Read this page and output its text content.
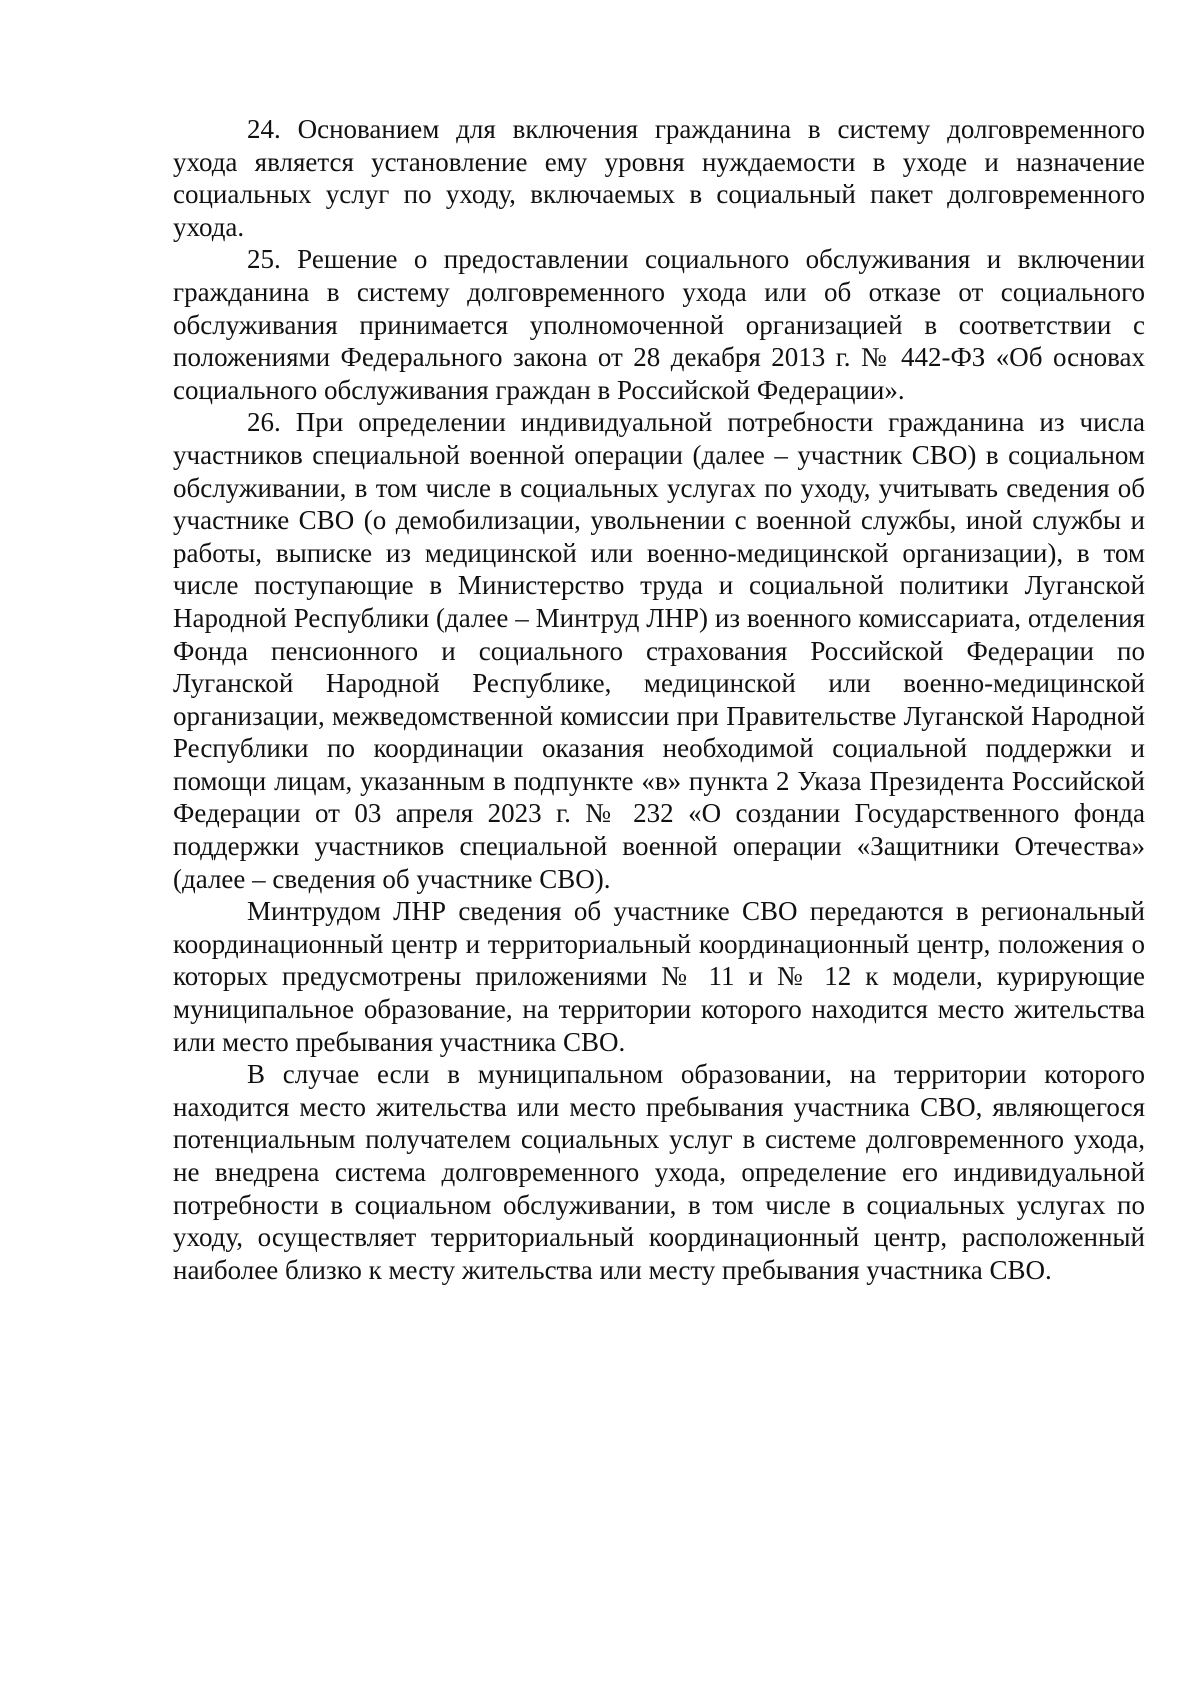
24. Основанием для включения гражданина в систему долговременного ухода является установление ему уровня нуждаемости в уходе и назначение социальных услуг по уходу, включаемых в социальный пакет долговременного ухода.

25. Решение о предоставлении социального обслуживания и включении гражданина в систему долговременного ухода или об отказе от социального обслуживания принимается уполномоченной организацией в соответствии с положениями Федерального закона от 28 декабря 2013 г. № 442-ФЗ «Об основах социального обслуживания граждан в Российской Федерации».

26. При определении индивидуальной потребности гражданина из числа участников специальной военной операции (далее – участник СВО) в социальном обслуживании, в том числе в социальных услугах по уходу, учитывать сведения об участнике СВО (о демобилизации, увольнении с военной службы, иной службы и работы, выписке из медицинской или военно-медицинской организации), в том числе поступающие в Министерство труда и социальной политики Луганской Народной Республики (далее – Минтруд ЛНР) из военного комиссариата, отделения Фонда пенсионного и социального страхования Российской Федерации по Луганской Народной Республике, медицинской или военно-медицинской организации, межведомственной комиссии при Правительстве Луганской Народной Республики по координации оказания необходимой социальной поддержки и помощи лицам, указанным в подпункте «в» пункта 2 Указа Президента Российской Федерации от 03 апреля 2023 г. № 232 «О создании Государственного фонда поддержки участников специальной военной операции «Защитники Отечества» (далее – сведения об участнике СВО).

Минтрудом ЛНР сведения об участнике СВО передаются в региональный координационный центр и территориальный координационный центр, положения о которых предусмотрены приложениями № 11 и № 12 к модели, курирующие муниципальное образование, на территории которого находится место жительства или место пребывания участника СВО.

В случае если в муниципальном образовании, на территории которого находится место жительства или место пребывания участника СВО, являющегося потенциальным получателем социальных услуг в системе долговременного ухода, не внедрена система долговременного ухода, определение его индивидуальной потребности в социальном обслуживании, в том числе в социальных услугах по уходу, осуществляет территориальный координационный центр, расположенный наиболее близко к месту жительства или месту пребывания участника СВО.
